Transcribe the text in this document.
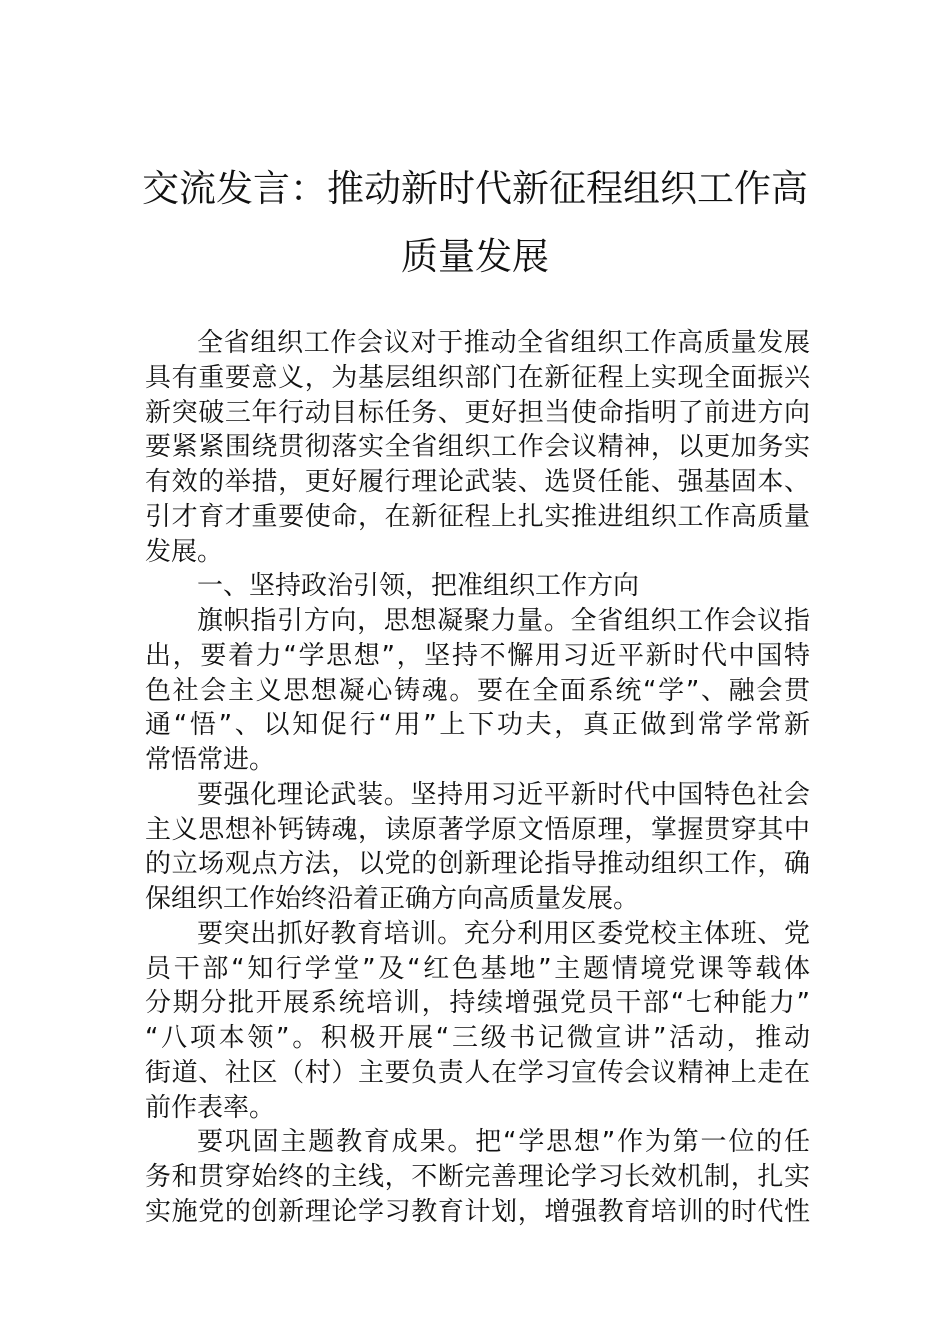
交流发言：推动新时代新征程组织工作高
质量发展
全省组织工作会议对于推动全省组织工作高质量发展
具有重要意义，为基层组织部门在新征程上实现全面振兴
新突破三年行动目标任务、更好担当使命指明了前进方向
要紧紧围绕贯彻落实全省组织工作会议精神，以更加务实
有效的举措，更好履行理论武装、选贤任能、强基固本、
引才育才重要使命，在新征程上扎实推进组织工作高质量
发展。
一、坚持政治引领，把准组织工作方向
旗帜指引方向，思想凝聚力量。全省组织工作会议指
出，要着力“学思想”，坚持不懈用习近平新时代中国特
色社会主义思想凝心铸魂。要在全面系统“学”、融会贯
通“悟”、以知促行“用”上下功夫，真正做到常学常新
常悟常进。
要强化理论武装。坚持用习近平新时代中国特色社会
主义思想补钙铸魂，读原著学原文悟原理，掌握贯穿其中
的立场观点方法，以党的创新理论指导推动组织工作，确
保组织工作始终沿着正确方向高质量发展。
要突出抓好教育培训。充分利用区委党校主体班、党
员干部“知行学堂”及“红色基地”主题情境党课等载体
分期分批开展系统培训，持续增强党员干部“七种能力”
“八项本领”。积极开展“三级书记微宣讲”活动，推动
街道、社区（村）主要负责人在学习宣传会议精神上走在
前作表率。
要巩固主题教育成果。把“学思想”作为第一位的任
务和贯穿始终的主线，不断完善理论学习长效机制，扎实
实施党的创新理论学习教育计划，增强教育培训的时代性
